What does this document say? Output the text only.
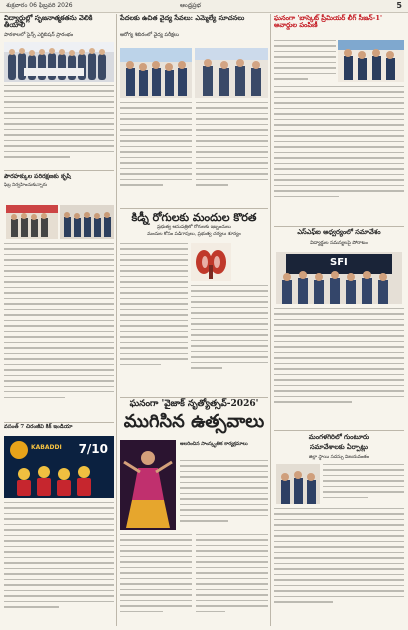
శుక్రవారం 06 ఫిబ్రవరి 2026	ఆంధ్రప్రభ	5
విద్యార్థుల్లో సృజనాత్మకతను వెలికి తీయాలి
పాఠశాలలో సైన్స్ ఎగ్జిబిషన్ ప్రారంభం
పౌరహక్కుల పరిరక్షణకు కృషి
ఫిబ్ర నిర్వహించుకున్నారు
వసంత్ 7 చిరంజీవి కిక్ ఇండియా
KABADDI 7/10
పేదలకు ఉచిత వైద్య సేవలు: ఎమ్మెల్యే సూచనలు
ఆరోగ్య శిబిరంలో వైద్య పరీక్షలు
కిడ్నీ రోగులకు మందుల కొరత
ప్రభుత్వ ఆసుపత్రిలో రోగులకు ఇబ్బందులు
మందుల కోసం పడిగాపులు, ప్రభుత్వ చర్యలు శూన్యం
ఘనంగా 'వైజాక్ నృత్యోత్సవ్-2026'
ముగిసిన ఉత్సవాలు
అలరించిన సాంస్కృతిక కార్యక్రమాలు
ఘనంగా 'బాస్కెట్ ప్రీమియర్ లీగ్ సీజన్-1' అవార్డుల పంపిణీ
ఎస్ఎఫ్ఐ అధ్వర్యంలో సమావేశం
విద్యార్థుల సమస్యలపై పోరాటం
SFI
మంగళగిరిలో గుంటూరు
సమావేశాలకు ఏర్పాట్లు
జిల్లా స్థాయి సదస్సు విజయవంతం
